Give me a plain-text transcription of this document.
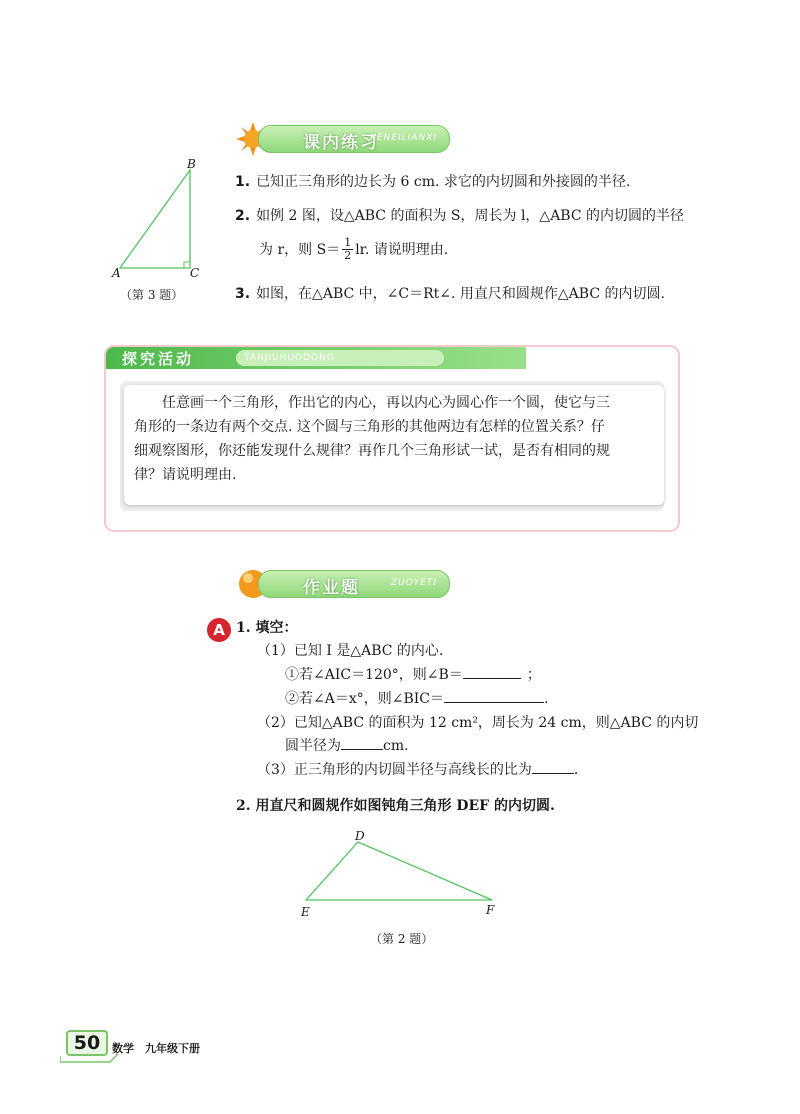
课内练习
KENEILIANXI
B
A	C
（第 3 题）
1. 已知正三角形的边长为 6 cm. 求它的内切圆和外接圆的半径.
2. 如例 2 图，设△ABC 的面积为 S，周长为 l，△ABC 的内切圆的半径
为 r，则 S＝ 1
2 lr. 请说明理由.
3. 如图，在△ABC 中，∠C＝Rt∠. 用直尺和圆规作△ABC 的内切圆.
探究活动	TANJIUHUODONG
任意画一个三角形，作出它的内心，再以内心为圆心作一个圆，使它与三
角形的一条边有两个交点. 这个圆与三角形的其他两边有怎样的位置关系？仔
细观察图形，你还能发现什么规律？再作几个三角形试一试，是否有相同的规
律？请说明理由.
作业题	ZUOYETI
A 1. 填空：
（1）已知 I 是△ABC 的内心.
①若∠AIC＝120°，则∠B＝	；
②若∠A＝x°，则∠BIC＝	.
（2）已知△ABC 的面积为 12 cm²，周长为 24 cm，则△ABC 的内切
圆半径为	cm.
（3）正三角形的内切圆半径与高线长的比为	.
2. 用直尺和圆规作如图钝角三角形 DEF 的内切圆.
D
E	F
（第 2 题）
50	数学　九年级下册
